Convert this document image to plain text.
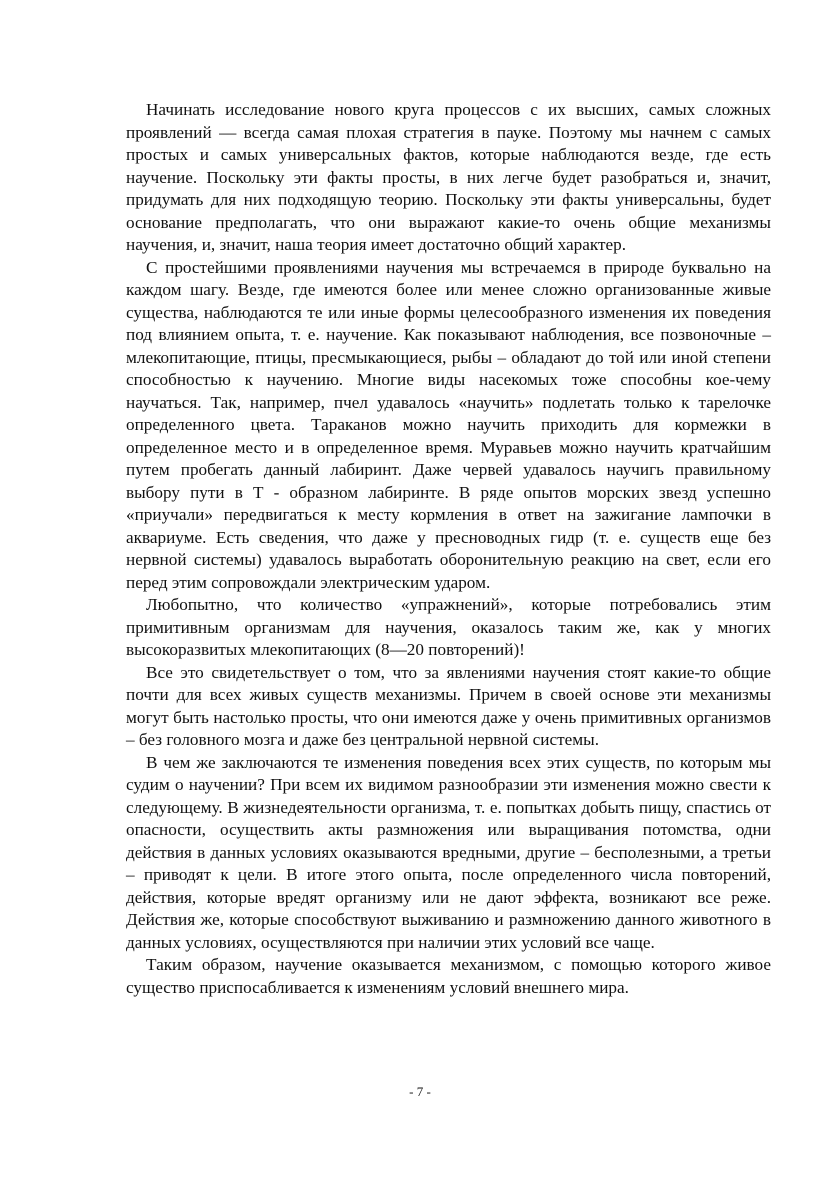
Начинать исследование нового круга процессов с их высших, самых сложных проявлений — всегда самая плохая стратегия в пауке. Поэтому мы начнем с самых простых и самых универсальных фактов, которые наблюдаются везде, где есть научение. Поскольку эти факты просты, в них легче будет разобраться и, значит, придумать для них подходящую теорию. Поскольку эти факты универсальны, будет основание предполагать, что они выражают какие-то очень общие механизмы научения, и, значит, наша теория имеет достаточно общий характер.

С простейшими проявлениями научения мы встречаемся в природе буквально на каждом шагу. Везде, где имеются более или менее сложно организованные живые существа, наблюдаются те или иные формы целесообразного изменения их поведения под влиянием опыта, т. е. научение. Как показывают наблюдения, все позвоночные – млекопитающие, птицы, пресмыкающиеся, рыбы – обладают до той или иной степени способностью к научению. Многие виды насекомых тоже способны кое-чему научаться. Так, например, пчел удавалось «научить» подлетать только к тарелочке определенного цвета. Тараканов можно научить приходить для кормежки в определенное место и в определенное время. Муравьев можно научить кратчайшим путем пробегать данный лабиринт. Даже червей удавалось научигь правильному выбору пути в Т - образном лабиринте. В ряде опытов морских звезд успешно «приучали» передвигаться к месту кормления в ответ на зажигание лампочки в аквариуме. Есть сведения, что даже у пресноводных гидр (т. е. существ еще без нервной системы) удавалось выработать оборонительную реакцию на свет, если его перед этим сопровождали электрическим ударом.

Любопытно, что количество «упражнений», которые потребовались этим примитивным организмам для научения, оказалось таким же, как у многих высокоразвитых млекопитающих (8—20 повторений)!

Все это свидетельствует о том, что за явлениями научения стоят какие-то общие почти для всех живых существ механизмы. Причем в своей основе эти механизмы могут быть настолько просты, что они имеются даже у очень примитивных организмов – без головного мозга и даже без центральной нервной системы.

В чем же заключаются те изменения поведения всех этих существ, по которым мы судим о научении? При всем их видимом разнообразии эти изменения можно свести к следующему. В жизнедеятельности организма, т. е. попытках добыть пищу, спастись от опасности, осуществить акты размножения или выращивания потомства, одни действия в данных условиях оказываются вредными, другие – бесполезными, а третьи – приводят к цели. В итоге этого опыта, после определенного числа повторений, действия, которые вредят организму или не дают эффекта, возникают все реже. Действия же, которые способствуют выживанию и размножению данного животного в данных условиях, осуществляются при наличии этих условий все чаще.

Таким образом, научение оказывается механизмом, с помощью которого живое существо приспосабливается к изменениям условий внешнего мира.

- 7 -
